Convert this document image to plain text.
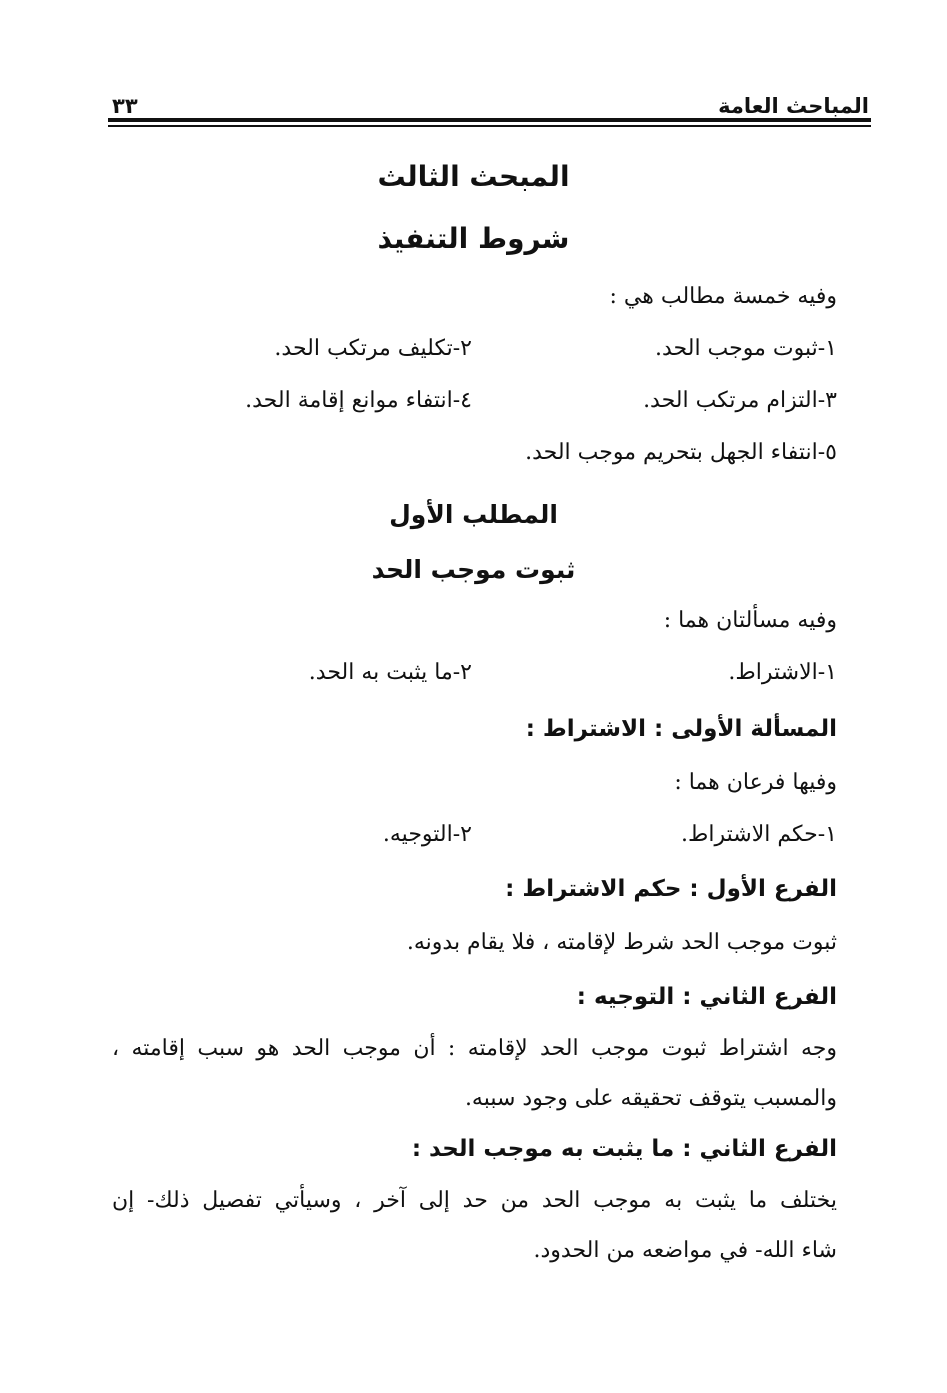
المباحث العامة
٣٣
المبحث الثالث
شروط التنفيذ
وفيه خمسة مطالب هي :
١-ثبوت موجب الحد.
٢-تكليف مرتكب الحد.
٣-التزام مرتكب الحد.
٤-انتفاء موانع إقامة الحد.
٥-انتفاء الجهل بتحريم موجب الحد.
المطلب الأول
ثبوت موجب الحد
وفيه مسألتان هما :
١-الاشتراط.
٢-ما يثبت به الحد.
المسألة الأولى : الاشتراط :
وفيها فرعان هما :
١-حكم الاشتراط.
٢-التوجيه.
الفرع الأول : حكم الاشتراط :
ثبوت موجب الحد شرط لإقامته ، فلا يقام بدونه.
الفرع الثاني : التوجيه :
وجه اشتراط ثبوت موجب الحد لإقامته : أن موجب الحد هو سبب إقامته ،
والمسبب يتوقف تحقيقه على وجود سببه.
الفرع الثاني : ما يثبت به موجب الحد :
يختلف ما يثبت به موجب الحد من حد إلى آخر ، وسيأتي تفصيل ذلك- إن
شاء الله- في مواضعه من الحدود.
